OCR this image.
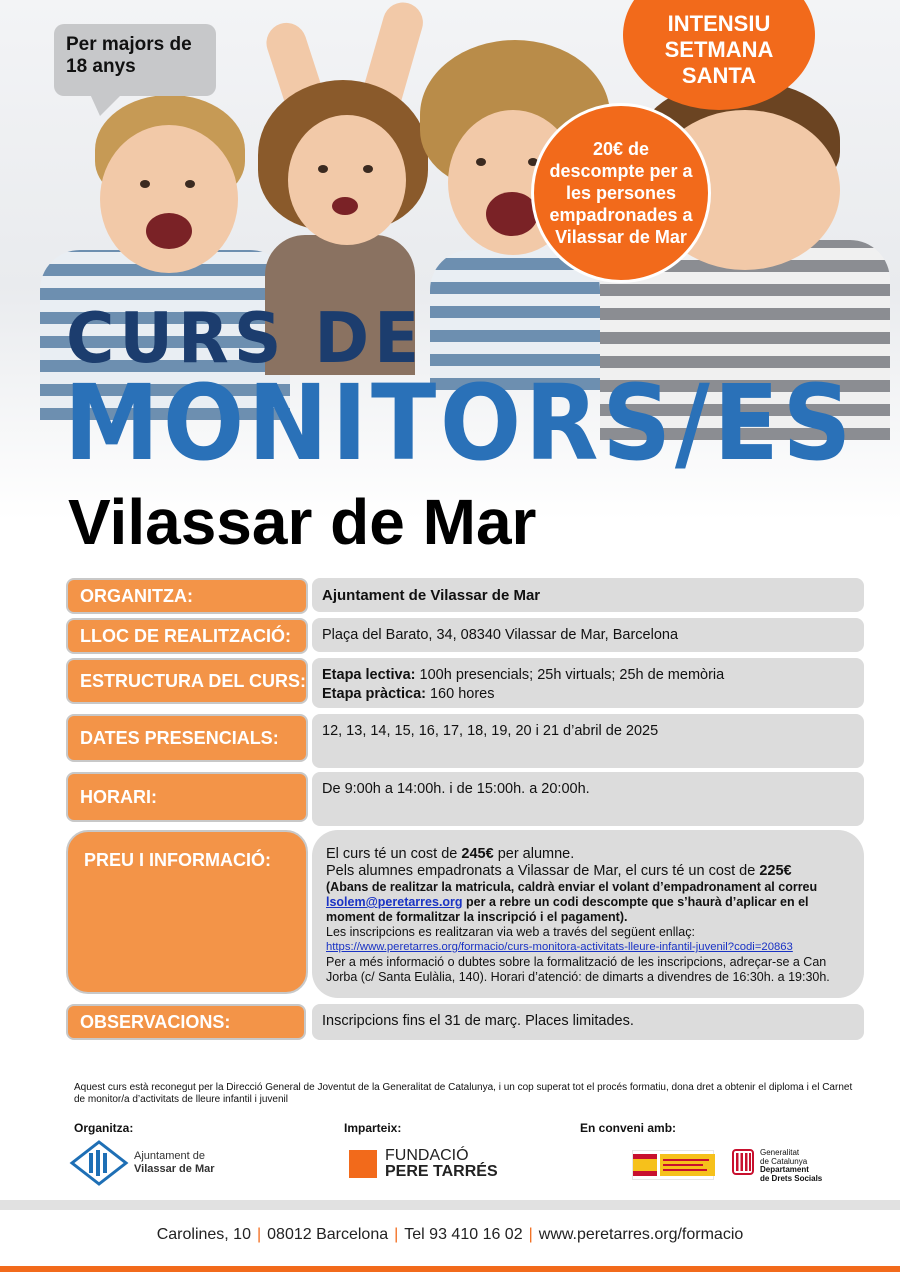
Per majors de 18 anys
INTENSIU SETMANA SANTA
20€ de descompte per a les persones empadronades a Vilassar de Mar
CURS DE
MONITORS/ES
Vilassar de Mar
ORGANITZA:	Ajuntament de Vilassar de Mar
LLOC DE REALITZACIÓ:	Plaça del Barato, 34, 08340 Vilassar de Mar, Barcelona
ESTRUCTURA DEL CURS: Etapa lectiva: 100h presencials; 25h virtuals; 25h de memòria
Etapa pràctica: 160 hores
DATES PRESENCIALS:	12, 13, 14, 15, 16, 17, 18, 19, 20 i 21 d’abril de 2025
HORARI:	De 9:00h a 14:00h. i de 15:00h. a 20:00h.
PREU I INFORMACIÓ:	El curs té un cost de 245€ per alumne.
Pels alumnes empadronats a Vilassar de Mar, el curs té un cost de 225€
(Abans de realitzar la matricula, caldrà enviar el volant d’empadronament al correu lsolem@peretarres.org per a rebre un codi descompte que s’haurà d’aplicar en el moment de formalitzar la inscripció i el pagament).
Les inscripcions es realitzaran via web a través del següent enllaç:
https://www.peretarres.org/formacio/curs-monitora-activitats-lleure-infantil-juvenil?codi=20863
Per a més informació o dubtes sobre la formalització de les inscripcions, adreçar-se a Can Jorba (c/ Santa Eulàlia, 140). Horari d’atenció: de dimarts a divendres de 16:30h. a 19:30h.
OBSERVACIONS:	Inscripcions fins el 31 de març. Places limitades.
Aquest curs està reconegut per la Direcció General de Joventut de la Generalitat de Catalunya, i un cop superat tot el procés formatiu, dona dret a obtenir el diploma i el Carnet de monitor/a d’activitats de lleure infantil i juvenil
Organitza:	Imparteix:	En conveni amb:
Ajuntament de
Vilassar de Mar
FUNDACIÓ
PERE TARRÉS
Generalitat
de Catalunya
Departament
de Drets Socials
Carolines, 10 | 08012 Barcelona | Tel 93 410 16 02 | www.peretarres.org/formacio
